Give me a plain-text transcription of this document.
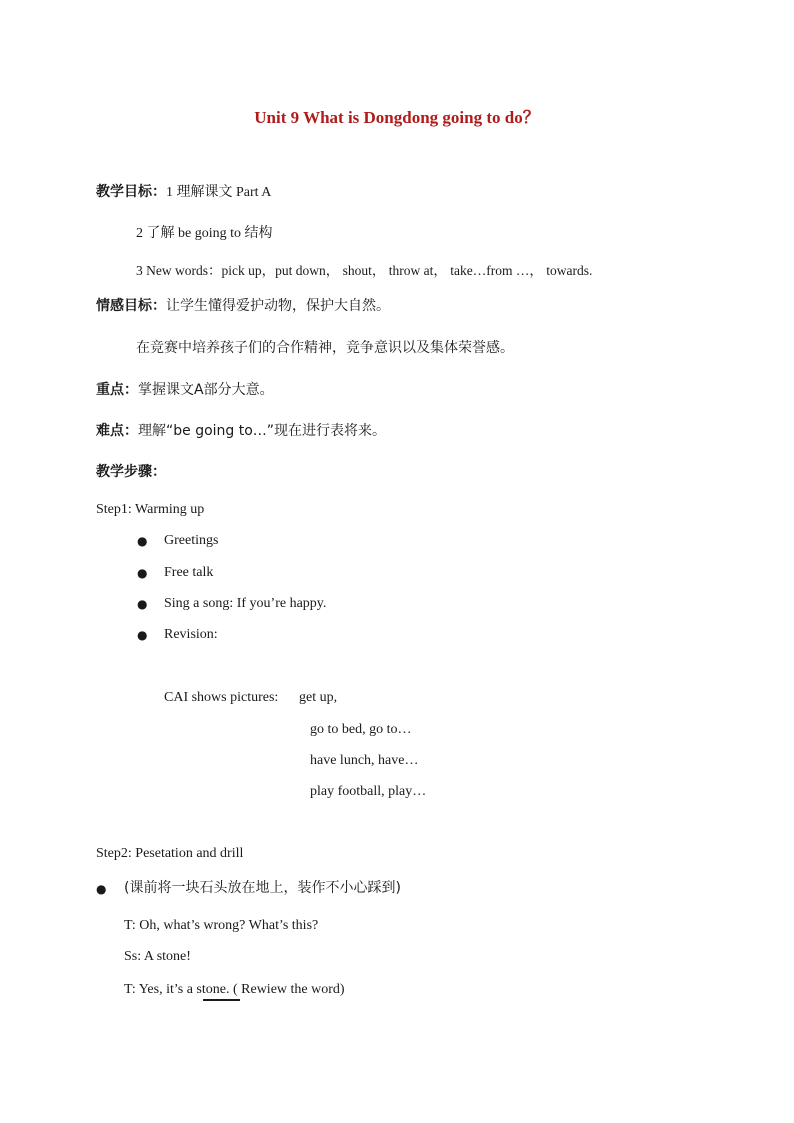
Unit 9 What is Dongdong going to do？
教学目标：1 理解课文 Part A
2 了解 be going to 结构
3 New words：pick up，put down， shout， throw at， take…from …， towards.
情感目标：让学生懂得爱护动物，保护大自然。
在竞赛中培养孩子们的合作精神，竞争意识以及集体荣誉感。
重点：掌握课文A部分大意。
难点：理解“be going to…”现在进行表将来。
教学步骤：
Step1: Warming up
● Greetings
● Free talk
● Sing a song: If you’re happy.
● Revision:
CAI shows pictures: get up,
go to bed, go to…
have lunch, have…
play football, play…
Step2: Pesetation and drill
● (课前将一块石头放在地上，装作不小心踩到)
T: Oh, what’s wrong? What’s this?
Ss: A stone!
T: Yes, it’s a stone. ( Rewiew the word)
